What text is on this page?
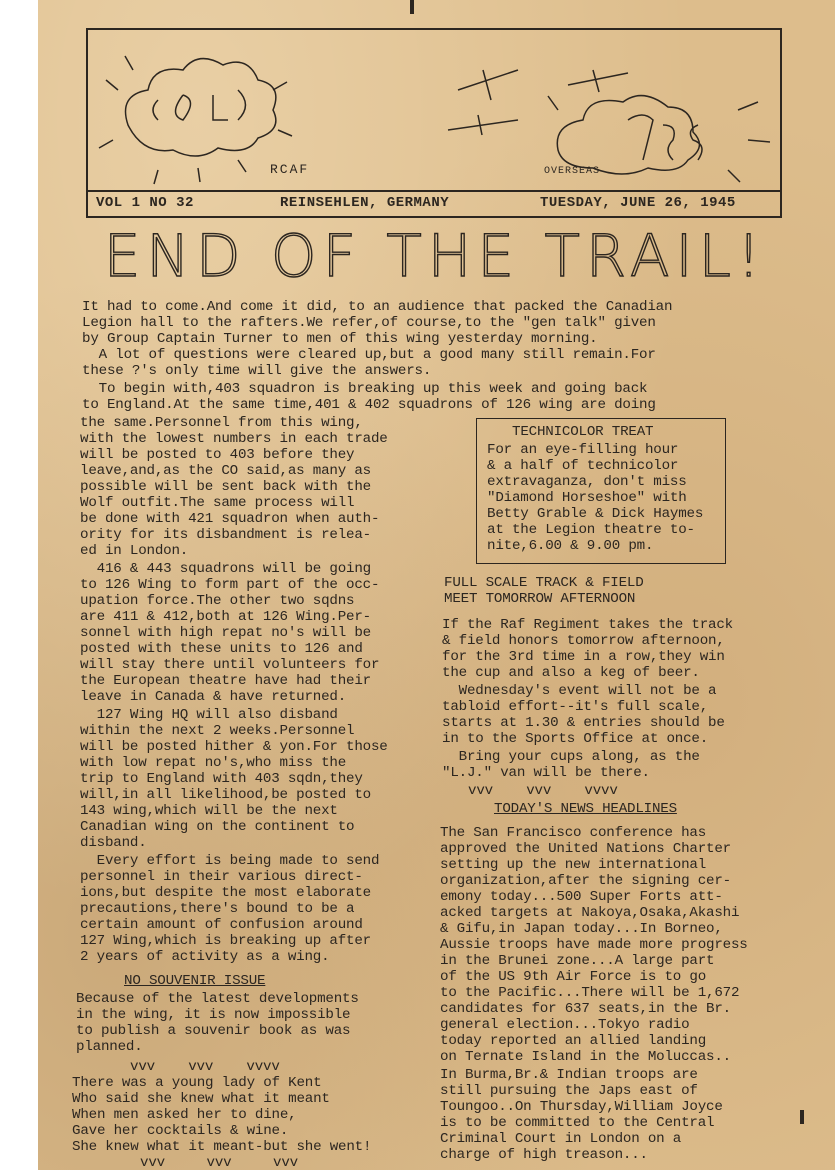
RCAF	OVERSEAS
VOL 1 NO 32	REINSEHLEN, GERMANY	TUESDAY, JUNE 26, 1945
END OF THE TRAIL!
It had to come.And come it did, to an audience that packed the Canadian
Legion hall to the rafters.We refer,of course,to the "gen talk" given
by Group Captain Turner to men of this wing yesterday morning.
A lot of questions were cleared up,but a good many still remain.For
these ?'s only time will give the answers.
To begin with,403 squadron is breaking up this week and going back
to England.At the same time,401 & 402 squadrons of 126 wing are doing
the same.Personnel from this wing,
with the lowest numbers in each trade
will be posted to 403 before they
leave,and,as the CO said,as many as
possible will be sent back with the
Wolf outfit.The same process will
be done with 421 squadron when auth-
ority for its disbandment is relea-
ed in London.
416 & 443 squadrons will be going
to 126 Wing to form part of the occ-
upation force.The other two sqdns
are 411 & 412,both at 126 Wing.Per-
sonnel with high repat no's will be
posted with these units to 126 and
will stay there until volunteers for
the European theatre have had their
leave in Canada & have returned.
127 Wing HQ will also disband
within the next 2 weeks.Personnel
will be posted hither & yon.For those
with low repat no's,who miss the
trip to England with 403 sqdn,they
will,in all likelihood,be posted to
143 wing,which will be the next
Canadian wing on the continent to
disband.
Every effort is being made to send
personnel in their various direct-
ions,but despite the most elaborate
precautions,there's bound to be a
certain amount of confusion around
127 Wing,which is breaking up after
2 years of activity as a wing.
NO SOUVENIR ISSUE
Because of the latest developments
in the wing, it is now impossible
to publish a souvenir book as was
planned.
vvv    vvv    vvvv
There was a young lady of Kent
Who said she knew what it meant
When men asked her to dine,
Gave her cocktails & wine.
She knew what it meant-but she went!
vvv     vvv     vvv
TECHNICOLOR TREAT
For an eye-filling hour
& a half of technicolor
extravaganza, don't miss
"Diamond Horseshoe" with
Betty Grable & Dick Haymes
at the Legion theatre to-
nite,6.00 & 9.00 pm.
FULL SCALE TRACK & FIELD
MEET TOMORROW AFTERNOON
If the Raf Regiment takes the track
& field honors tomorrow afternoon,
for the 3rd time in a row,they win
the cup and also a keg of beer.
Wednesday's event will not be a
tabloid effort--it's full scale,
starts at 1.30 & entries should be
in to the Sports Office at once.
Bring your cups along, as the
"L.J." van will be there.
vvv    vvv    vvvv
TODAY'S NEWS HEADLINES
The San Francisco conference has
approved the United Nations Charter
setting up the new international
organization,after the signing cer-
emony today...500 Super Forts att-
acked targets at Nakoya,Osaka,Akashi
& Gifu,in Japan today...In Borneo,
Aussie troops have made more progress
in the Brunei zone...A large part
of the US 9th Air Force is to go
to the Pacific...There will be 1,672
candidates for 637 seats,in the Br.
general election...Tokyo radio
today reported an allied landing
on Ternate Island in the Moluccas..
In Burma,Br.& Indian troops are
still pursuing the Japs east of
Toungoo..On Thursday,William Joyce
is to be committed to the Central
Criminal Court in London on a
charge of high treason...
